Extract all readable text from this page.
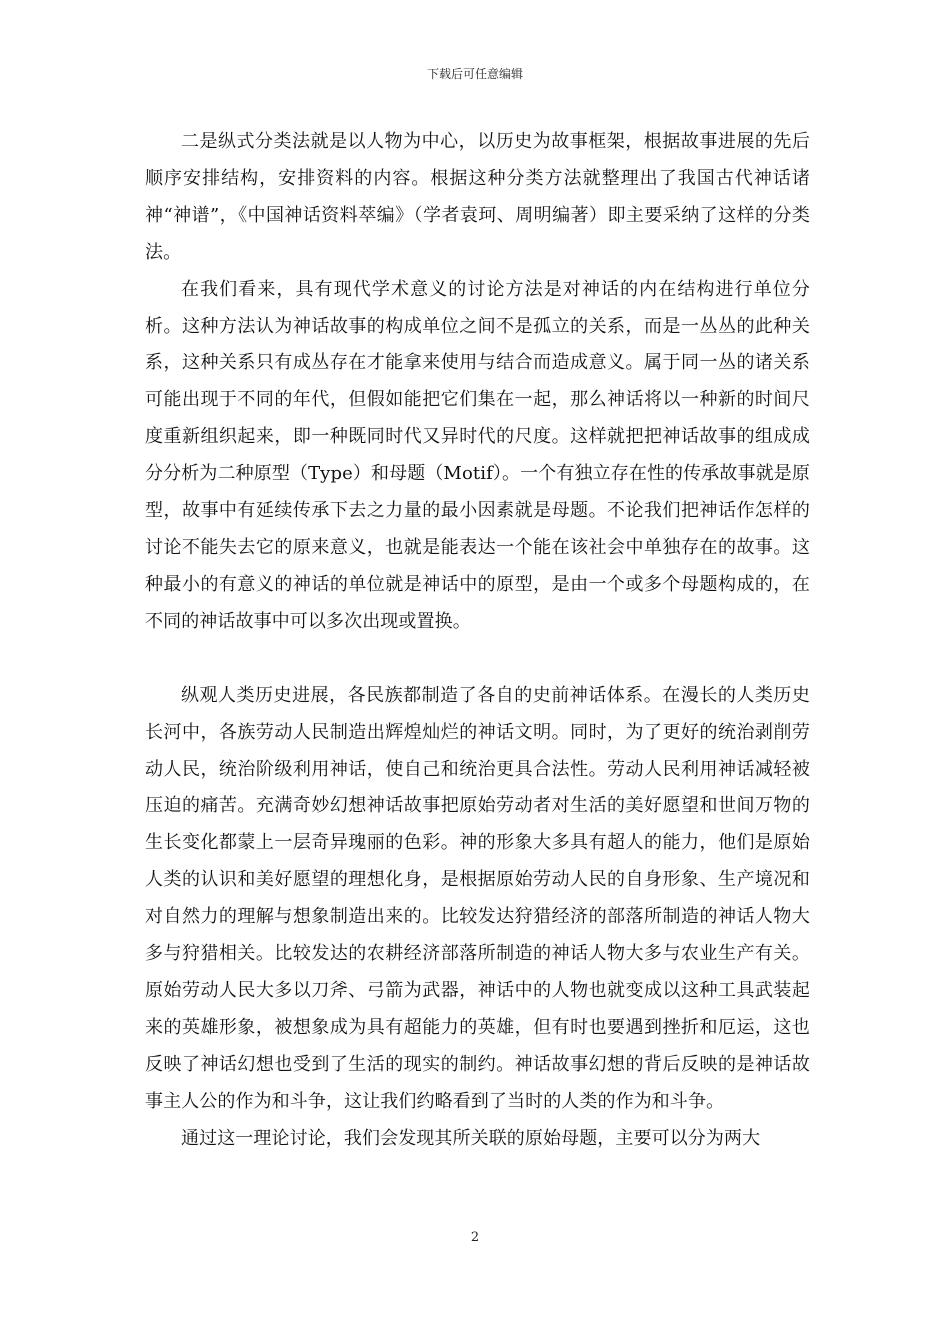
下载后可任意编辑

二是纵式分类法就是以人物为中心，以历史为故事框架，根据故事进展的先后顺序安排结构，安排资料的内容。根据这种分类方法就整理出了我国古代神话诸神“神谱”，《中国神话资料萃编》（学者袁珂、周明编著）即主要采纳了这样的分类法。

在我们看来，具有现代学术意义的讨论方法是对神话的内在结构进行单位分析。这种方法认为神话故事的构成单位之间不是孤立的关系，而是一丛丛的此种关系，这种关系只有成丛存在才能拿来使用与结合而造成意义。属于同一丛的诸关系可能出现于不同的年代，但假如能把它们集在一起，那么神话将以一种新的时间尺度重新组织起来，即一种既同时代又异时代的尺度。这样就把把神话故事的组成成分分析为二种原型（Type）和母题（Motif）。一个有独立存在性的传承故事就是原型，故事中有延续传承下去之力量的最小因素就是母题。不论我们把神话作怎样的讨论不能失去它的原来意义，也就是能表达一个能在该社会中单独存在的故事。这种最小的有意义的神话的单位就是神话中的原型，是由一个或多个母题构成的，在不同的神话故事中可以多次出现或置换。

纵观人类历史进展，各民族都制造了各自的史前神话体系。在漫长的人类历史长河中，各族劳动人民制造出辉煌灿烂的神话文明。同时，为了更好的统治剥削劳动人民，统治阶级利用神话，使自己和统治更具合法性。劳动人民利用神话减轻被压迫的痛苦。充满奇妙幻想神话故事把原始劳动者对生活的美好愿望和世间万物的生长变化都蒙上一层奇异瑰丽的色彩。神的形象大多具有超人的能力，他们是原始人类的认识和美好愿望的理想化身，是根据原始劳动人民的自身形象、生产境况和对自然力的理解与想象制造出来的。比较发达狩猎经济的部落所制造的神话人物大多与狩猎相关。比较发达的农耕经济部落所制造的神话人物大多与农业生产有关。原始劳动人民大多以刀斧、弓箭为武器，神话中的人物也就变成以这种工具武装起来的英雄形象，被想象成为具有超能力的英雄，但有时也要遇到挫折和厄运，这也反映了神话幻想也受到了生活的现实的制约。神话故事幻想的背后反映的是神话故事主人公的作为和斗争，这让我们约略看到了当时的人类的作为和斗争。

通过这一理论讨论，我们会发现其所关联的原始母题，主要可以分为两大

2
